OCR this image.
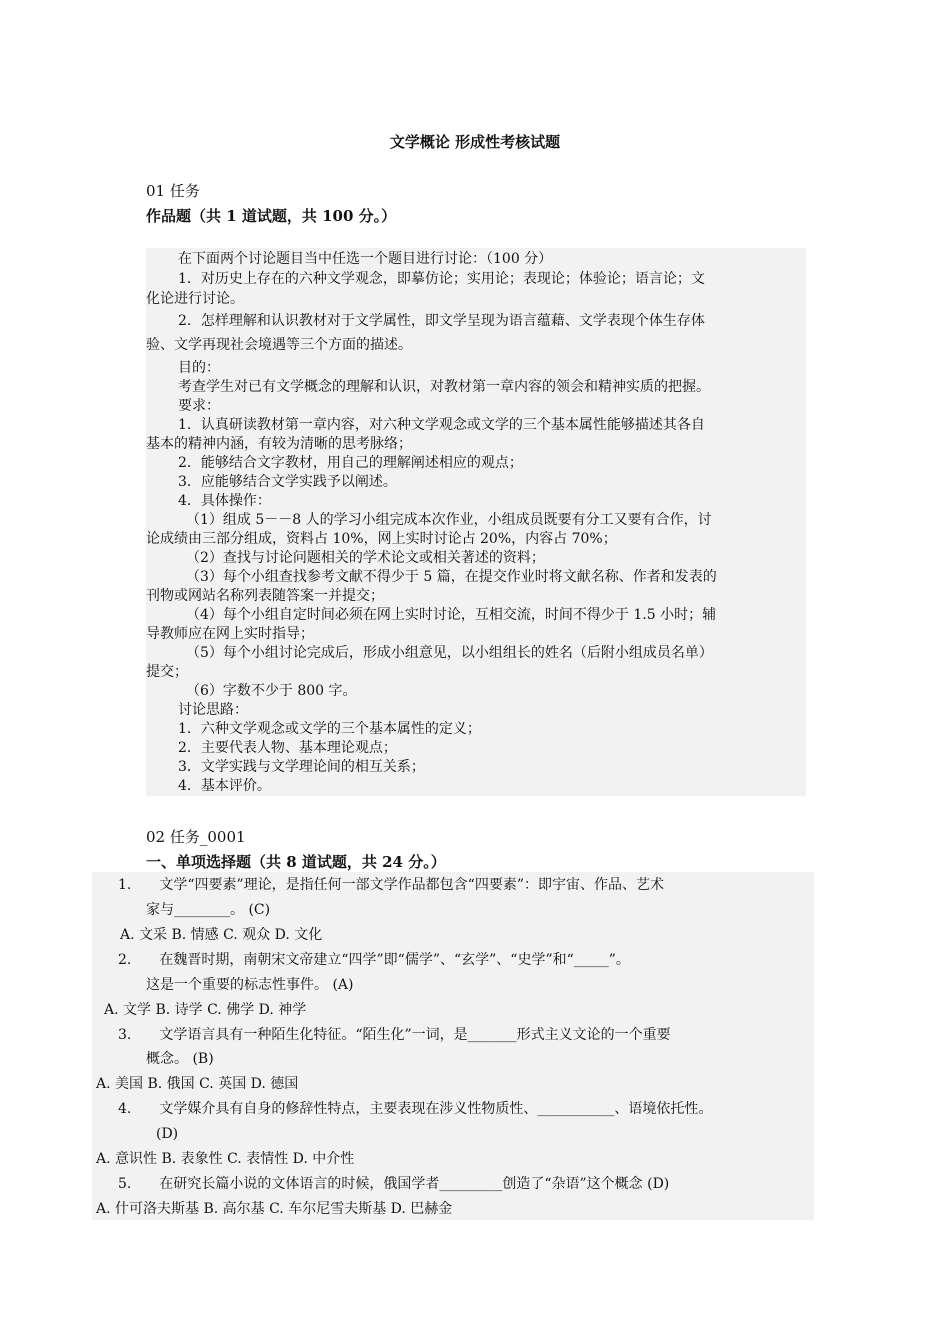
文学概论 形成性考核试题
01 任务
作品题（共 1 道试题，共 100 分。）
在下面两个讨论题目当中任选一个题目进行讨论：（100 分）
1．对历史上存在的六种文学观念，即摹仿论；实用论；表现论；体验论；语言论；文
化论进行讨论。
2．怎样理解和认识教材对于文学属性，即文学呈现为语言蕴藉、文学表现个体生存体
验、文学再现社会境遇等三个方面的描述。
目的：
考查学生对已有文学概念的理解和认识，对教材第一章内容的领会和精神实质的把握。
要求：
1．认真研读教材第一章内容，对六种文学观念或文学的三个基本属性能够描述其各自
基本的精神内涵，有较为清晰的思考脉络；
2．能够结合文字教材，用自己的理解阐述相应的观点；
3．应能够结合文学实践予以阐述。
4．具体操作：
（1）组成 5－－8 人的学习小组完成本次作业，小组成员既要有分工又要有合作，讨
论成绩由三部分组成，资料占 10%，网上实时讨论占 20%，内容占 70%；
（2）查找与讨论问题相关的学术论文或相关著述的资料；
（3）每个小组查找参考文献不得少于 5 篇，在提交作业时将文献名称、作者和发表的
刊物或网站名称列表随答案一并提交；
（4）每个小组自定时间必须在网上实时讨论，互相交流，时间不得少于 1.5 小时；辅
导教师应在网上实时指导；
（5）每个小组讨论完成后，形成小组意见，以小组组长的姓名（后附小组成员名单）
提交；
（6）字数不少于 800 字。
讨论思路：
1．六种文学观念或文学的三个基本属性的定义；
2．主要代表人物、基本理论观点；
3．文学实践与文学理论间的相互关系；
4．基本评价。
02 任务_0001
一、单项选择题（共 8 道试题，共 24 分。）
1.　　文学“四要素”理论，是指任何一部文学作品都包含“四要素”：即宇宙、作品、艺术
家与________。 (C)
A. 文采 B. 情感 C. 观众 D. 文化
2.　　在魏晋时期，南朝宋文帝建立“四学”即“儒学”、“玄学”、“史学”和“_____”。
这是一个重要的标志性事件。 (A)
A. 文学 B. 诗学 C. 佛学 D. 神学
3.　　文学语言具有一种陌生化特征。“陌生化”一词，是_______形式主义文论的一个重要
概念。 (B)
A. 美国 B. 俄国 C. 英国 D. 德国
4.　　文学媒介具有自身的修辞性特点，主要表现在涉义性物质性、___________、语境依托性。
(D)
A. 意识性 B. 表象性 C. 表情性 D. 中介性
5.　　在研究长篇小说的文体语言的时候，俄国学者_________创造了“杂语”这个概念 (D)
A. 什可洛夫斯基 B. 高尔基 C. 车尔尼雪夫斯基 D. 巴赫金
